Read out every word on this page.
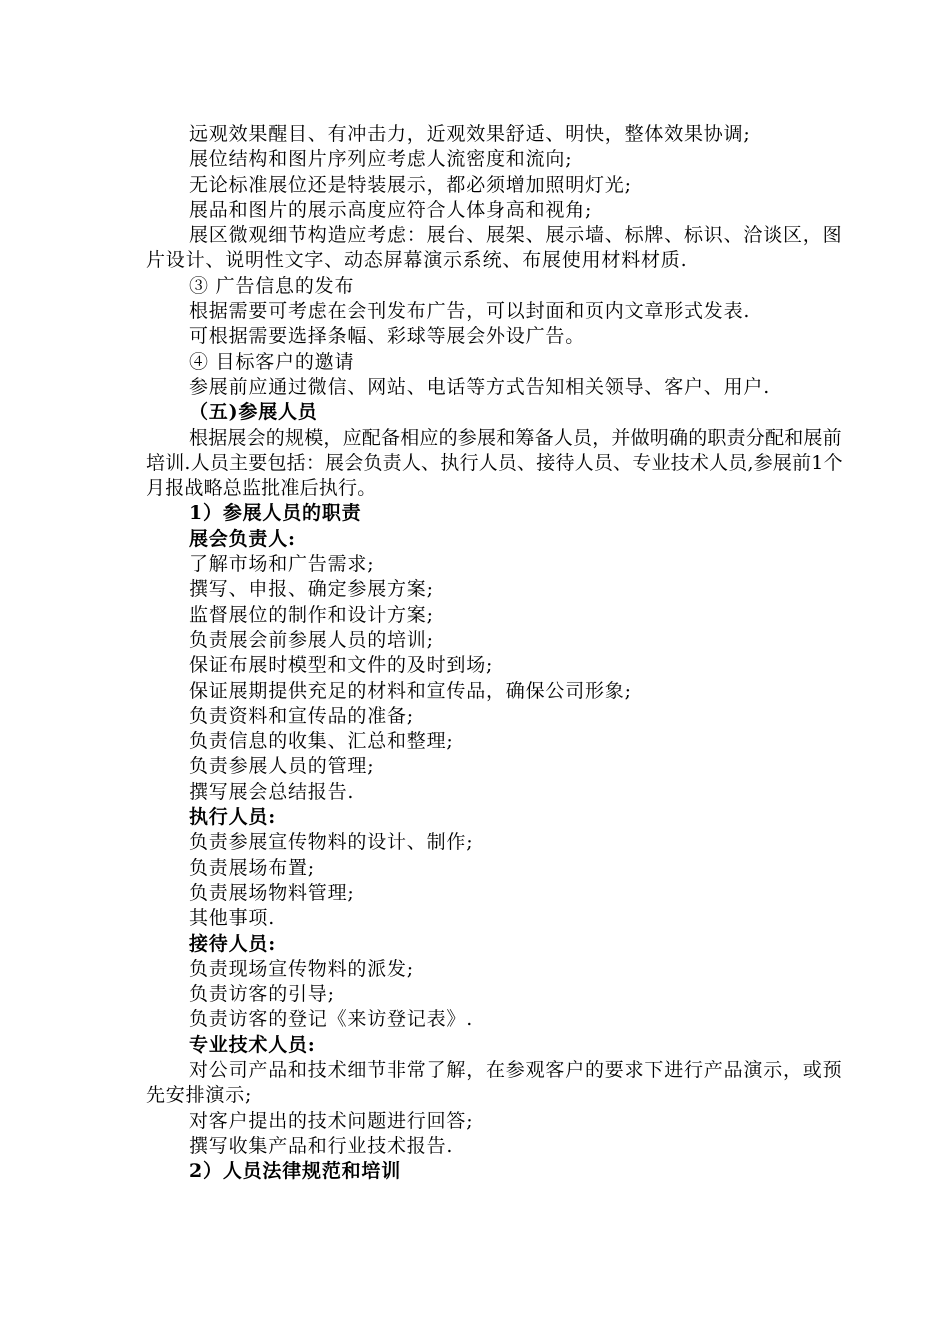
远观效果醒目、有冲击力，近观效果舒适、明快，整体效果协调;

展位结构和图片序列应考虑人流密度和流向;

无论标准展位还是特装展示，都必须增加照明灯光;

展品和图片的展示高度应符合人体身高和视角;

展区微观细节构造应考虑：展台、展架、展示墙、标牌、标识、洽谈区，图片设计、说明性文字、动态屏幕演示系统、布展使用材料材质.

③ 广告信息的发布

根据需要可考虑在会刊发布广告，可以封面和页内文章形式发表.

可根据需要选择条幅、彩球等展会外设广告。

④ 目标客户的邀请

参展前应通过微信、网站、电话等方式告知相关领导、客户、用户.

（五)参展人员

根据展会的规模，应配备相应的参展和筹备人员，并做明确的职责分配和展前培训.人员主要包括：展会负责人、执行人员、接待人员、专业技术人员,参展前1个月报战略总监批准后执行。

1）参展人员的职责

展会负责人:

了解市场和广告需求;

撰写、申报、确定参展方案;

监督展位的制作和设计方案;

负责展会前参展人员的培训;

保证布展时模型和文件的及时到场;

保证展期提供充足的材料和宣传品，确保公司形象;

负责资料和宣传品的准备;

负责信息的收集、汇总和整理;

负责参展人员的管理;

撰写展会总结报告.

执行人员:

负责参展宣传物料的设计、制作;

负责展场布置;

负责展场物料管理;

其他事项.

接待人员:

负责现场宣传物料的派发;

负责访客的引导;

负责访客的登记《来访登记表》.

专业技术人员:

对公司产品和技术细节非常了解，在参观客户的要求下进行产品演示，或预先安排演示;

对客户提出的技术问题进行回答;

撰写收集产品和行业技术报告.

2）人员法律规范和培训
